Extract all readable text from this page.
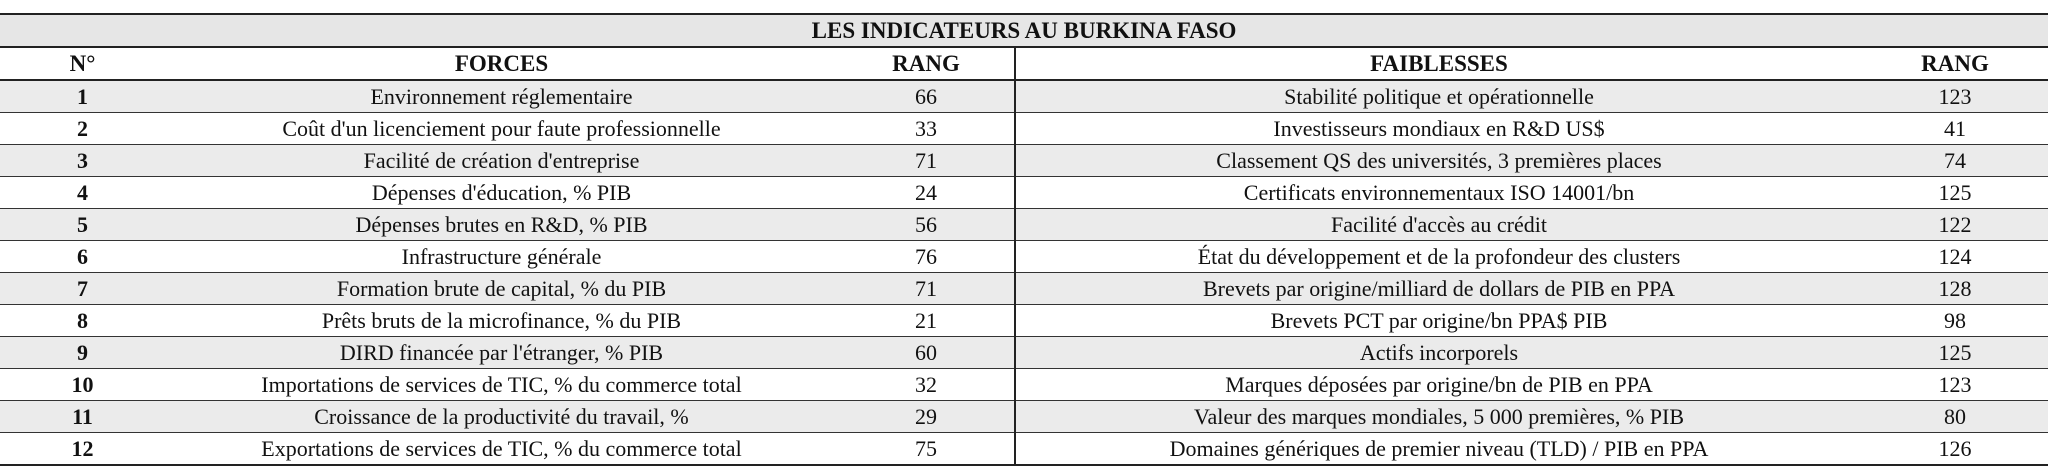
LES INDICATEURS AU BURKINA FASO				
N°	FORCES	RANG	FAIBLESSES	RANG
1	Environnement réglementaire	66	Stabilité politique et opérationnelle	123
2	Coût d'un licenciement pour faute professionnelle	33	Investisseurs mondiaux en R&D US$	41
3	Facilité de création d'entreprise	71	Classement QS des universités, 3 premières places	74
4	Dépenses d'éducation, % PIB	24	Certificats environnementaux ISO 14001/bn	125
5	Dépenses brutes en R&D, % PIB	56	Facilité d'accès au crédit	122
6	Infrastructure générale	76	État du développement et de la profondeur des clusters	124
7	Formation brute de capital, % du PIB	71	Brevets par origine/milliard de dollars de PIB en PPA	128
8	Prêts bruts de la microfinance, % du PIB	21	Brevets PCT par origine/bn PPA$ PIB	98
9	DIRD financée par l'étranger, % PIB	60	Actifs incorporels	125
10	Importations de services de TIC, % du commerce total	32	Marques déposées par origine/bn de PIB en PPA	123
11	Croissance de la productivité du travail, %	29	Valeur des marques mondiales, 5 000 premières, % PIB	80
12	Exportations de services de TIC, % du commerce total	75	Domaines génériques de premier niveau (TLD) / PIB en PPA	126
